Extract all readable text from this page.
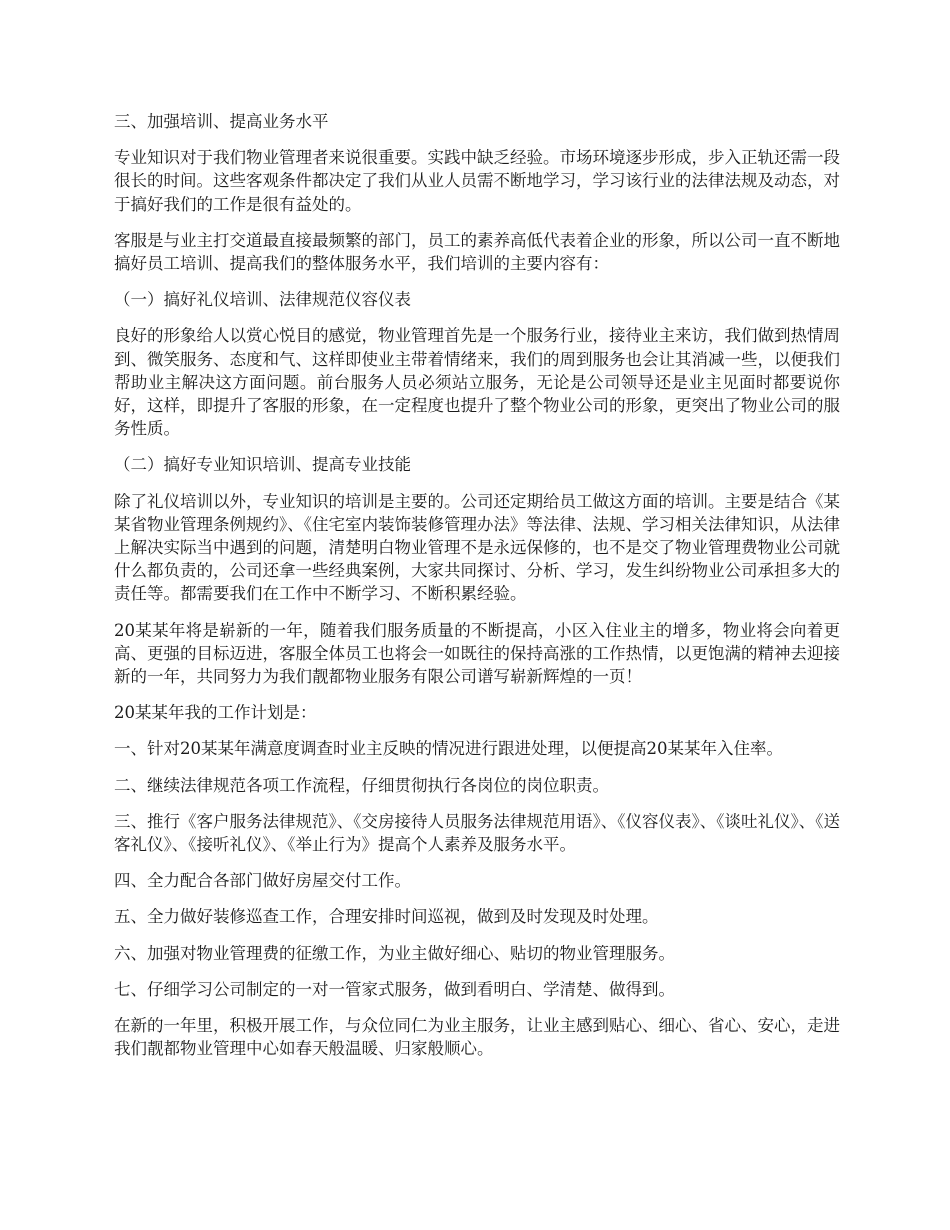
三、加强培训、提高业务水平

专业知识对于我们物业管理者来说很重要。实践中缺乏经验。市场环境逐步形成，步入正轨还需一段很长的时间。这些客观条件都决定了我们从业人员需不断地学习，学习该行业的法律法规及动态，对于搞好我们的工作是很有益处的。

客服是与业主打交道最直接最频繁的部门，员工的素养高低代表着企业的形象，所以公司一直不断地搞好员工培训、提高我们的整体服务水平，我们培训的主要内容有：

（一）搞好礼仪培训、法律规范仪容仪表

良好的形象给人以赏心悦目的感觉，物业管理首先是一个服务行业，接待业主来访，我们做到热情周到、微笑服务、态度和气、这样即使业主带着情绪来，我们的周到服务也会让其消减一些，以便我们帮助业主解决这方面问题。前台服务人员必须站立服务，无论是公司领导还是业主见面时都要说你好，这样，即提升了客服的形象，在一定程度也提升了整个物业公司的形象，更突出了物业公司的服务性质。

（二）搞好专业知识培训、提高专业技能

除了礼仪培训以外，专业知识的培训是主要的。公司还定期给员工做这方面的培训。主要是结合《某某省物业管理条例规约》、《住宅室内装饰装修管理办法》等法律、法规、学习相关法律知识，从法律上解决实际当中遇到的问题，清楚明白物业管理不是永远保修的，也不是交了物业管理费物业公司就什么都负责的，公司还拿一些经典案例，大家共同探讨、分析、学习，发生纠纷物业公司承担多大的责任等。都需要我们在工作中不断学习、不断积累经验。

20某某年将是崭新的一年，随着我们服务质量的不断提高，小区入住业主的增多，物业将会向着更高、更强的目标迈进，客服全体员工也将会一如既往的保持高涨的工作热情，以更饱满的精神去迎接新的一年，共同努力为我们靓都物业服务有限公司谱写崭新辉煌的一页！

20某某年我的工作计划是：

一、针对20某某年满意度调查时业主反映的情况进行跟进处理，以便提高20某某年入住率。

二、继续法律规范各项工作流程，仔细贯彻执行各岗位的岗位职责。

三、推行《客户服务法律规范》、《交房接待人员服务法律规范用语》、《仪容仪表》、《谈吐礼仪》、《送客礼仪》、《接听礼仪》、《举止行为》提高个人素养及服务水平。

四、全力配合各部门做好房屋交付工作。

五、全力做好装修巡查工作，合理安排时间巡视，做到及时发现及时处理。

六、加强对物业管理费的征缴工作，为业主做好细心、贴切的物业管理服务。

七、仔细学习公司制定的一对一管家式服务，做到看明白、学清楚、做得到。

在新的一年里，积极开展工作，与众位同仁为业主服务，让业主感到贴心、细心、省心、安心，走进我们靓都物业管理中心如春天般温暖、归家般顺心。
